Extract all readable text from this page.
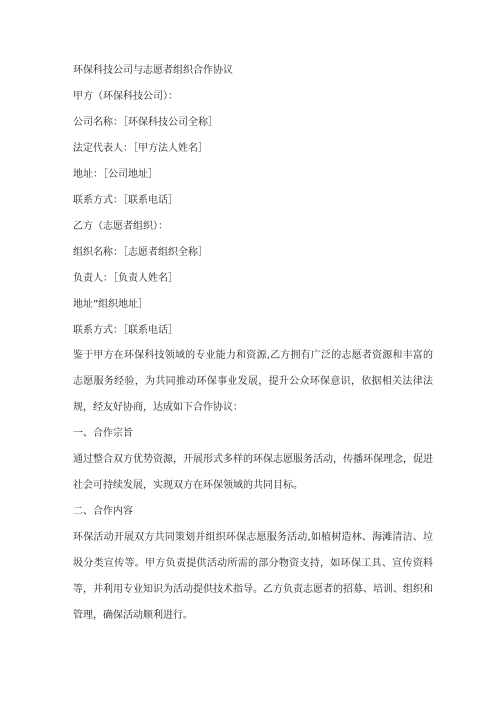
环保科技公司与志愿者组织合作协议

甲方（环保科技公司）：

公司名称：［环保科技公司全称］

法定代表人：［甲方法人姓名］

地址：［公司地址］

联系方式：［联系电话］

乙方（志愿者组织）：

组织名称：［志愿者组织全称］

负责人：［负责人姓名］

地址”组织地址］

联系方式：［联系电话］

鉴于甲方在环保科技领域的专业能力和资源,乙方拥有广泛的志愿者资源和丰富的志愿服务经验，为共同推动环保事业发展，提升公众环保意识，依据相关法律法规，经友好协商，达成如下合作协议：

一、合作宗旨

通过整合双方优势资源，开展形式多样的环保志愿服务活动，传播环保理念，促进社会可持续发展，实现双方在环保领域的共同目标。

二、合作内容

环保活动开展双方共同策划并组织环保志愿服务活动,如植树造林、海滩清洁、垃圾分类宣传等。甲方负责提供活动所需的部分物资支持，如环保工具、宣传资料等，并利用专业知识为活动提供技术指导。乙方负责志愿者的招募、培训、组织和管理，确保活动顺利进行。
